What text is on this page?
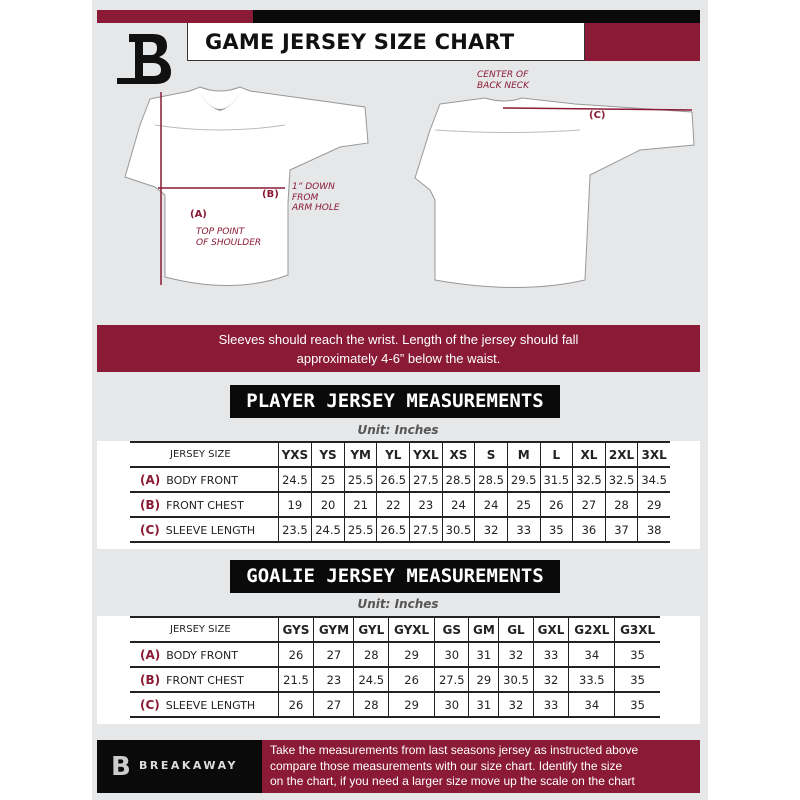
GAME JERSEY SIZE CHART
(B)
1” DOWN
FROM
ARM HOLE
(A)
TOP POINT
OF SHOULDER
CENTER OF
BACK NECK
(C)
Sleeves should reach the wrist. Length of the jersey should fall
approximately 4-6” below the waist.
PLAYER JERSEY MEASUREMENTS
Unit: Inches
JERSEY SIZE	YXS	YS	YM	YL	YXL	XS	S	M	L	XL	2XL	3XL
(A) BODY FRONT	24.5	25	25.5	26.5	27.5	28.5	28.5	29.5	31.5	32.5	32.5	34.5
(B) FRONT CHEST	19	20	21	22	23	24	24	25	26	27	28	29
(C) SLEEVE LENGTH	23.5	24.5	25.5	26.5	27.5	30.5	32	33	35	36	37	38
GOALIE JERSEY MEASUREMENTS
Unit: Inches
JERSEY SIZE	GYS	GYM	GYL	GYXL	GS	GM	GL	GXL	G2XL	G3XL
(A) BODY FRONT	26	27	28	29	30	31	32	33	34	35
(B) FRONT CHEST	21.5	23	24.5	26	27.5	29	30.5	32	33.5	35
(C) SLEEVE LENGTH	26	27	28	29	30	31	32	33	34	35
B BREAKAWAY
Take the measurements from last seasons jersey as instructed above
compare those measurements with our size chart. Identify the size
on the chart, if you need a larger size move up the scale on the chart
